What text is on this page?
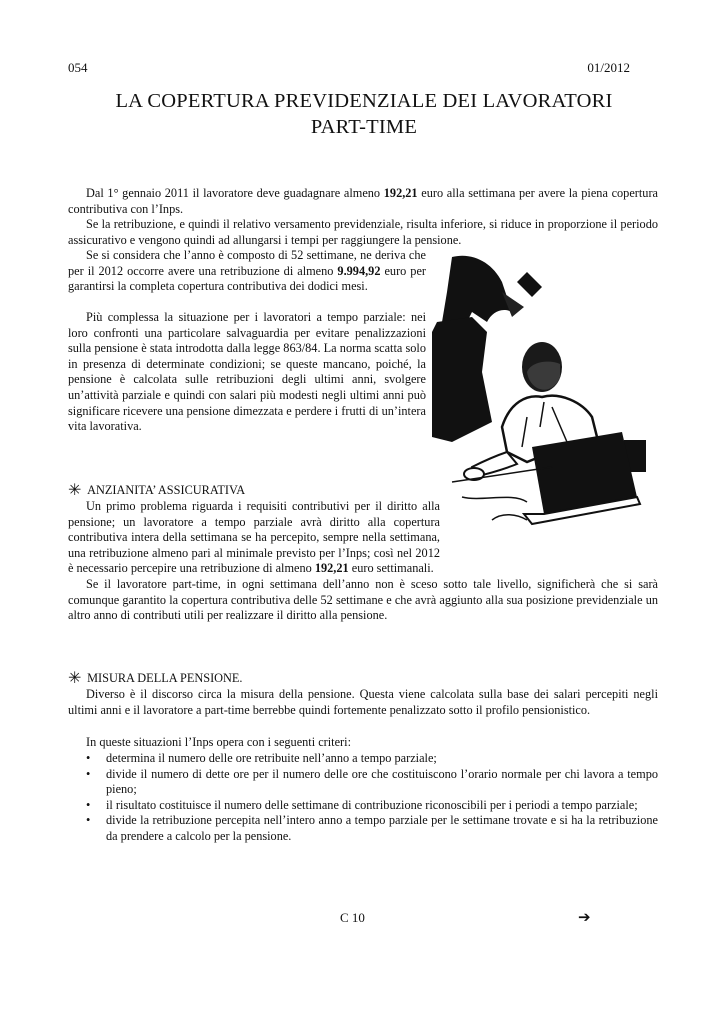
054	01/2012
LA COPERTURA PREVIDENZIALE DEI LAVORATORI
PART-TIME

Dal 1° gennaio 2011 il lavoratore deve guadagnare almeno 192,21 euro alla settimana per avere la piena copertura contributiva con l’Inps.

Se la retribuzione, e quindi il relativo versamento previdenziale, risulta inferiore, si riduce in proporzione il periodo assicurativo e vengono quindi ad allungarsi i tempi per raggiungere la pensione.

Se si considera che l’anno è composto di 52 settimane, ne deriva che per il 2012 occorre avere una retribuzione di almeno 9.994,92 euro per garantirsi la completa copertura contributiva dei dodici mesi.

Più complessa la situazione per i lavoratori a tempo parziale: nei loro confronti una particolare salvaguardia per evitare penalizzazioni sulla pensione è stata introdotta dalla legge 863/84. La norma scatta solo in presenza di determinate condizioni; se queste mancano, poiché, la pensione è calcolata sulle retribuzioni degli ultimi anni, svolgere un’attività parziale e quindi con salari più modesti negli ultimi anni può significare ricevere una pensione dimezzata e perdere i frutti di un’intera vita lavorativa.

✳ ANZIANITA’ ASSICURATIVA

Un primo problema riguarda i requisiti contributivi per il diritto alla pensione; un lavoratore a tempo parziale avrà diritto alla copertura contributiva intera della settimana se ha percepito, sempre nella settimana, una retribuzione almeno pari al minimale previsto per l’Inps; così nel 2012 è necessario percepire una retribuzione di almeno 192,21 euro settimanali.

Se il lavoratore part-time, in ogni settimana dell’anno non è sceso sotto tale livello, significherà che si sarà comunque garantito la copertura contributiva delle 52 settimane e che avrà aggiunto alla sua posizione previdenziale un altro anno di contributi utili per realizzare il diritto alla pensione.

✳ MISURA DELLA PENSIONE.

Diverso è il discorso circa la misura della pensione. Questa viene calcolata sulla base dei salari percepiti negli ultimi anni e il lavoratore a part-time berrebbe quindi fortemente penalizzato sotto il profilo pensionistico.

In queste situazioni l’Inps opera con i seguenti criteri:

• determina il numero delle ore retribuite nell’anno a tempo parziale;
• divide il numero di dette ore per il numero delle ore che costituiscono l’orario normale per chi lavora a tempo pieno;
• il risultato costituisce il numero delle settimane di contribuzione riconoscibili per i periodi a tempo parziale;
• divide la retribuzione percepita nell’intero anno a tempo parziale per le settimane trovate e si ha la retribuzione da prendere a calcolo per la pensione.
C 10	➔
